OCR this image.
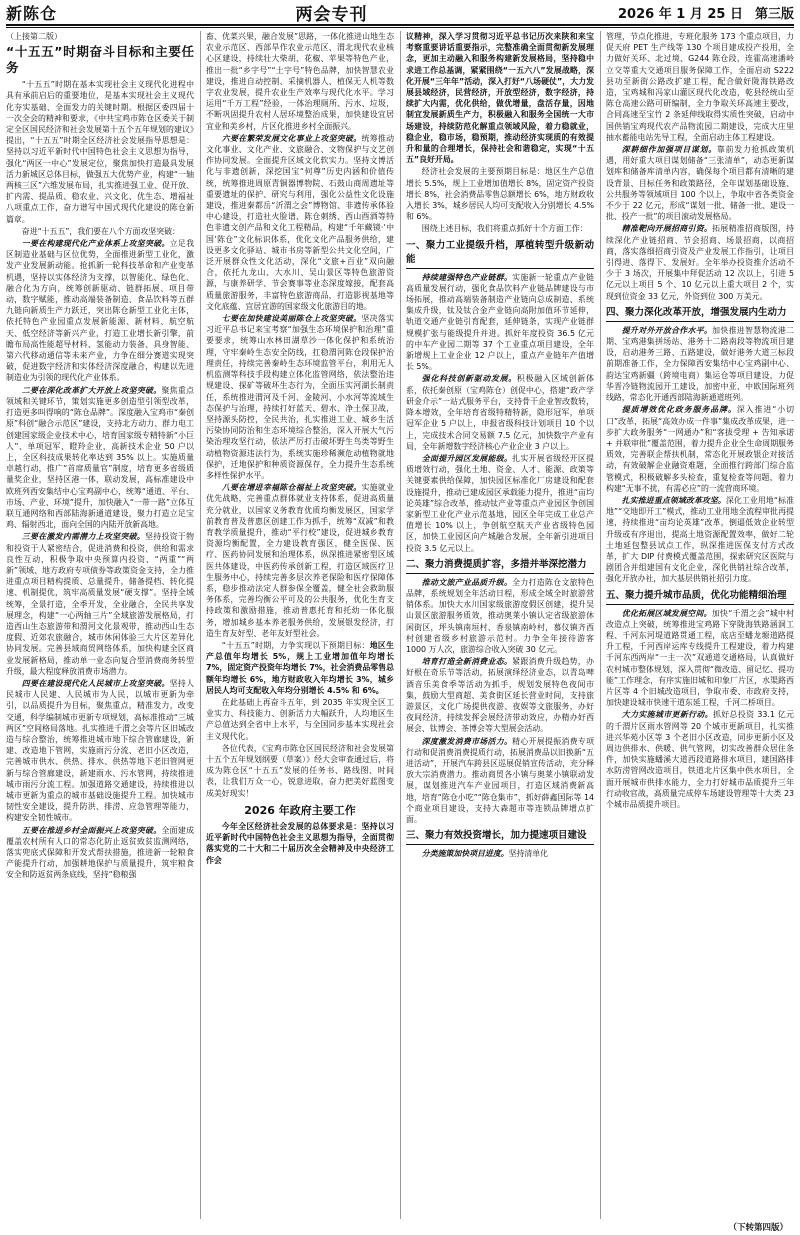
新陈仓	两会专刊	2026 年 1 月 25 日 第三版
（上接第二版）
“十五五”时期奋斗目标和主要任务

“十五五”时期在基本实现社会主义现代化进程中具有承前启后的重要地位，是基本实现社会主义现代化夯实基础、全面发力的关键时期。根据区委四届十一次全会的精神和要求，《中共宝鸡市陈仓区委关于制定全区国民经济和社会发展第十五个五年规划的建议》提出，“十五五”时期全区经济社会发展指导思想是：坚持以习近平新时代中国特色社会主义思想为指导，强化“两区一中心”发展定位，聚焦加快打造最具发展活力新城区总体目标，做强五大优势产业，构建“一轴两核三区”六维发展布局，扎实推进强工业、促开放、扩内需、提品质、稳农业、兴文化、优生态、增福祉八项重点工作，奋力谱写中国式现代化建设的陈仓新篇章。

奋进“十五五”，我们要在八个方面攻坚突破：

一要在构建现代化产业体系上攻坚突破。立足我区制造业基础与区位优势，全面推进新型工业化，激发产业发展新动能。抢抓新一轮科技革命和产业变革机遇，坚持以实体经济为支撑，以智能化、绿色化、融合化为方向，统筹创新驱动、链群拓展、项目带动，数字赋能，推动高端装备制造、食品饮料等五群九链向新质生产力跃迁，突出陈仓新型工业化主体，依托特色产业园重点发展新能源、新材料、航空航天、低空经济等新兴产业，打造工业增长新引擎，前瞻布局高性能超导材料、氢能动力装备、具身智能、第六代移动通信等未来产业，力争在细分赛道实现突破，促进数字经济和实体经济深度融合，构建以先进制造业为引领的现代化产业体系。

二要在深化改革扩大开放上攻坚突破。聚焦重点领域和关键环节，策划实施更多创造型引领型改革，打造更多叫得响的“陈仓品牌”。深度融入宝鸡市“秦创原”科创“融合示范区”建设，支持北方动力、群力电工创建国家级企业技术中心，培育国家级专精特新“小巨人”、单项冠军、瞪羚企业，高新技术企业 50 户以上，全区科技成果转化率达到 35% 以上。实施质量卓越行动，推广“首席质量官”制度，培育更多省级质量奖企业，坚持区港一体，联动发展，高标准建设中欧班列西安集结中心宝鸡副中心，统筹“通道、平台、市场、产业、环境”提升，加快融入“一带一路”立体互联互通网络和西部陆海新通道建设，聚力打造立足宝鸡、辐射西北，面向全国的内陆开放新高地。

三要在激发内需潜力上攻坚突破。坚持投资于物和投资于人紧密结合，促进消费和投资，供给和需求良性互动，积极争取中央预算内投资、“两重”“两新”领域、地方政府专项债券等政策资金支持，全力推进重点项目精构提质、总量提升，储备提档、转化提速、机制提优，筑牢高质量发展“硬支撑”。坚持全域统筹，全景打造，全季开发，全业融合，全民共享发展理念，构建“一心两轴三片”全域旅游发展格局，打造西山生态旅游带和渭河文化景观带，推动西山生态度假、近郊农旅融合，城市休闲体验三大片区差异化协同发展。完善县域商贸网络体系，加快构建全区商业发展新格局，推动单一业态向复合型消费商务转型升级，最大程度释放消费市场潜力。

四要在建设现代化人民城市上攻坚突破。坚持人民城市人民建、人民城市为人民，以城市更新为牵引，以品质提升为目标，聚焦重点，精准发力，改变交通，科学编制城市更新专项规划，高标准推动“三城两区”空间格局落地。扎实推进千渭之会等片区旧城改造与综合整治，统筹推进城市地下综合管廊建设，新建、改造地下管网，实施雨污分流、老旧小区改造，完善城市供水、供热、排水、供热等地下老旧管网更新与综合管廊建设，新建雨水、污水管网，持续推进城市雨污分流工程。加强道路交通建设，持续推进以城市更新为重点的城市基础设施提升工程。加快城市韧性安全建设，提升防洪、排涝、应急管理等能力，构建安全韧性城市。

五要在推进乡村全面振兴上攻坚突破。全面建成覆盖农村所有人口的常态化防止返贫致贫监测网络，落实兜底式保障和开发式帮扶措施，推进新一轮粮食产能提升行动，加强耕地保护与质量提升，筑牢粮食安全和防返贫两条底线，坚持“稳粮强

畜、优菜兴果，融合发展”思路，一体化推进山地生态农业示范区、西部旱作农业示范区、渭北现代农业核心区建设，持续壮大柴胡、花椒、苹果等特色产业，推出一批“乡字号”“土字号”特色品牌，加快智慧农业建设，推进自动控制、采摘机器人、植保无人机等数字农业发展，提升农业生产效率与现代化水平。学习运用“千万工程”经验，一体治理厕所、污水、垃圾，不断巩固提升农村人居环境整治成果，加快建设宜居宜业和美乡村，片区化推进乡村全面振兴。

六要在繁荣发展文化事业上攻坚突破。统筹推动文化事业、文化产业、文旅融合、文物保护与文艺创作协同发展。全面提升区域文化软实力。坚持文博活化与非遗创新，深挖国宝“何尊”历史内涵和价值传统，统筹推进周原青铜器博物院、石鼓山商周遗址等重要遗址的保护、研究与利用，强化公益性文化设施建设，推进秦都岳“沂渭之会”博物馆、非遗传承体验中心建设，打造社火脸谱、陈仓刺绣、西山酉酒等特色非遗文创产品和文化工程精品，构建“千年藏镜·‘中国’陈仓”文化标识体系，优化文化产品服务供给，建设更多文化驿站、城市书房等新型公共文化空间，广泛开展群众性文化活动，深化“文旅+百业”双向融合，依托九龙山、大水川、吴山景区等特色旅游资源，与康养研学、节会赛事等业态深度嫁接，配套高质量旅游服务，丰富特色旅游商品，打造影视基地等文化底蕴、宜居宜游的国家级文化旅游目的地。

七要在加快建设美丽陈仓上攻坚突破。坚决落实习近平总书记来宝考察“加强生态环境保护和治理”重要要求，统筹山水林田湖草沙一体化保护和系统治理，守牢秦岭生态安全防线，扛稳渭河陈仓段保护治理责任，持续完善秦岭生态环境监管平台，利用无人机监测等科技手段构建立体化监管网络，依法整治违规建设、探矿等破坏生态行为，全面压实河湖长制责任，系统推进渭河及千河、金陵河、小水河等流域生态保护与治理，持续打好蓝天、碧水、净土保卫战，坚持源头防控，全民共治，扎实推进工业、城乡生活污染协同防治和生态环境综合整治，深入开展大气污染治理攻坚行动，依法严厉打击破坏野生鸟类等野生动植物资源违法行为，系统实施珍稀濒危动植物就地保护，迁地保护和种质资源保存，全力提升生态系统多样性保护水平。

八要在增进幸福陈仓福祉上攻坚突破。实施就业优先战略，完善重点群体就业支持体系，促进高质量充分就业，以国家义务教育优质均衡发展区，国家学前教育普及普惠区创建工作为抓手，统筹“双减”和教育教学质量提升，推动“平行校”建设，促进城乡教育资源均衡配置，全力建设教育强区，健全医保、医疗、医药协同发展和治理体系，纵深推进紧密型区域医共体建设，中医药传承创新工程，打造区域医疗卫生服务中心，持续完善多层次养老保险和医疗保障体系，稳步推动法定人群参保全覆盖，健全社会救助服务体系，完善均衡公平可及的公共服务，优化生育支持政策和激励措施，推动普惠托育和托幼一体化服务，增加城乡基本养老服务供给，发展银发经济，打造生育友好型、老年友好型社会。

“十五五”时期，力争实现以下预期目标：地区生产总值年均增长 5%，规上工业增加值年均增长 7%，固定资产投资年均增长 7%，社会消费品零售总额年均增长 6%，地方财政收入年均增长 3%，城乡居民人均可支配收入年均分别增长 4.5% 和 6%。

在此基础上再奋斗五年，到 2035 年实现全区工业实力、科技能力、创新活力大幅跃升，人均地区生产总值达到全省中上水平，与全国同步基本实现社会主义现代化。

各位代表，《宝鸡市陈仓区国民经济和社会发展第十五个五年规划纲要（草案）》经大会审查通过后，将成为陈仓区“十五五”发展的任务书、路线图、时间表，让我们万众一心，锐意进取，奋力把美好蓝图变成美好现实！

2026 年政府主要工作

今年全区经济社会发展的总体要求是：坚持以习近平新时代中国特色社会主义思想为指导，全面贯彻落实党的二十大和二十届历次全会精神及中央经济工作会

议精神，深入学习贯彻习近平总书记历次来陕和来宝考察重要讲话重要指示，完整准确全面贯彻新发展理念，更加主动融入和服务构建新发展格局，坚持稳中求进工作总基调，紧紧围绕“一五六八”发展战略，深化开展“三年年”活动，深入打好“八场硬仗”，大力发展县域经济，民营经济，开放型经济，数字经济，持续扩大内需，优化供给，做优增量，盘活存量，因地制宜发展新质生产力，积极融入和服务全国统一大市场建设，持续防范化解重点领域风险，着力稳就业，稳企业，稳市场，稳预期，推动经济实现质的有效提升和量的合理增长，保持社会和谐稳定，实现“十五五”良好开局。

经济社会发展的主要预期目标是：地区生产总值增长 5.5%，规上工业增加值增长 8%，固定资产投资增长 8%，社会消费品零售总额增长 6%，地方财政收入增长 3%，城乡居民人均可支配收入分别增长 4.5% 和 6%。

围绕上述目标，我们将重点抓好十个方面工作：

一、聚力工业提级升档，厚植转型升级新动能

持续建强特色产业链群。实施新一轮重点产业链高质量发展行动，强化食品饮料产业链品牌建设与市场拓展，推动高端装备制造产业链向总成制造、系统集成升级，钛及钛合金产业链向高附加值环节延伸，轨道交通产业链引育配套，延伸链条，实现产业链群规模扩张与能级提升并进。抓好年度投资 36.5 亿元的中车产业园二期等 37 个工业重点项目建设，全年新增规上工业企业 12 户以上，重点产业链年产值增长 5%。

强化科技创新驱动发展。积极融入区域创新体系，依托秦创原（宝鸡陈仓）创促中心，搭建“政产学研金介示”一站式服务平台，支持骨干企业智改数转，降本增效，全年培育省级特精特新，隐形冠军，单项冠军企业 5 户以上，申报省级科技计划项目 10 个以上，完成技术合同交易额 7.5 亿元，加快数字产业有局，全年新增数字经济核心产业企业 3 户以上。

全面提升园区发展能级。扎实开展省级经开区提质增效行动，强化土地、资金、人才、能源、政策等关键要素供给保障，加快园区标准化厂房建设和配套设施提升，推动已建成园区承载能力提升，推进“亩均论英雄”综合改革，推动钛产业等重点产业园区争创国家新型工业化产业示范基地，园区全年完成工业总产值增长 10% 以上，争创航空航天产业省级特色园区，加快工业园区向产城融合发展，全年新引进项目投资 3.5 亿元以上。

二、聚力消费提质扩容，多措并举深挖潜力

推动文旅产业品质升级。全力打造陈仓文旅特色品牌，系统规划全年活动日程，形成全域全时旅游营销体系。加快大水川国家级旅游度假区创建，提升吴山景区旅游服务质效，推动奥莱小镇认定省级旅游休闲街区，坪头镇南垣村、香泉镇南岭村，慕仪镇齐西村创建省级乡村旅游示范村。力争全年接待游客 1000 万人次，旅游综合收入突破 30 亿元。

培育打造全新消费业态。紧跟消费升级趋势，办好根在奇乐节等活动，拓展演绎经济业态，以青岛啤酒音乐美食季等活动为抓手，规划发展特色夜间市集，鼓励大型商超、美食街区延长营业时间，支持旅游景区，文化广场提供夜游、夜娱等文旅服务，办好夜间经济，持续发挥会展经济带动效应，办精办好西展会、钛博会、茶博会等大型展会活动。

深度激发消费市场活力。精心开展提振消费专项行动和促消费消费提质行动，拓展消费品以旧换新“五进活动”，开展汽车跨县区巡展促销宣传活动，充分释放大宗消费潜力。推动商贸各小镇与奥莱小镇联动发展，谋划推进汽车产业园项目，打造区域消费新高地，培育“陈仓小吃”“陈仓集市”，抓好薛鑫国际等 14 个商业项目建设，支持大森超市等连锁品牌增点扩面。

三、聚力有效投资增长，加力提速项目建设

分类施策加快项目进度。坚持清单化

管理，节点化推进，专班化服务 173 个重点项目，力促天府 PET 生产线等 130 个项目建成投产投用，全力做好关环、北过境、G244 陈仓段，连霍高速潘岭立交等重大交通项目服务保障工作，全面启动 S222 县功至新街公路改扩建工程，配合做好陇海铁路改造，宝鸡城和冯家山灌区现代化改造，乾县经统山至陈仓高速公路可研编制，全力争取关环高速主要改，合同高速至宝竹 2 条延伸线取得实质性突破，启动中国供销宝鸡现代农产品物流园二期建设，完成大庄里抽水蓄能电站先导工程，全面启动主体工程建设。

深耕细作加强项目谋划。靠前发力抢抓政策机遇，用好重大项目谋划储备“三张清单”，动态更新谋划库和储备库清单内容，确保每个项目都有清晰的建设背景、目标任务和政策路径，全年谋划基础设施、公共服务等领域项目 100 个以上，争取中省各类资金不少于 22 亿元，形成“谋划一批、储备一批、建设一批、投产一批”的项目滚动发展格局。

精准靶向开展招商引资。拓展精准招商版图，持续深化产业链招商、节会招商、场景招商，以商招商，落实落细招商引资及产业发展工作指引，让项目引得进、落得下、发展好。全年举办投资推介活动不少于 3 场次，开展集中拜促活动 12 次以上，引进 5 亿元以上项目 5 个、10 亿元以上重大项目 2 个，实现到位资金 33 亿元，外资到位 300 万美元。

四、聚力深化改革开放，增强发展内生动力

提升对外开放合作水平。加快推进智慧物流港二期、宝鸡港集拼场站、港务十二路南段等物流项目建设，启动港务三路、五路建设，做好港务大道三标段前期准备工作，全力保障西安集结中心宝鸡副中心、韵达宝鸡新疆（跨境电商）集运仓等项目建设，力促华晋冷链物流园开工建设，加密中亚、中欧国际班列线路，常态化开通西部陆海新通道班列。

提质增效优化政务服务品牌。深入推进“小切口”改革，拓展“高效办成一件事”集成改革成果，进一步扩大政务服务“一网通办”和“客拔受理 + 告知承诺 + 并联审批”覆盖范围，着力提升企业全生命周期服务质效，完善联企帮扶机制，常态化开展政银企对接活动，有效破解企业融资难题，全面推行跨部门综合监管模式，积极破解多头检查，重复检查等问题，着力构建“无事不扰，有需必应”的一流营商环境。

扎实推进重点领域改革攻坚。深化工业用地“标准地”“交地即开工”模式，推动工业用地全流程审批再提速，持续推进“亩均论英雄”改革，倒逼低效企业转型升级或有序退出，提高土地资源配置效率，做好二轮土地延包整县试点工作，纵深推进医保支付方式改革，扩大 DIP 付费模式覆盖范围，探索研究区医院与剧团合并组建国有文化企业，深化供销社综合改革，强化开放办社，加大基层供销社招引力度。

五、聚力提升城市品质，优化功能精细治理

优化拓展区域发展空间。加快“千渭之会”城中村改造点上突破，统筹推进宝鸡路下穿陇海铁路涵洞工程、千河东河堤道路贯通工程，底店至蟠龙塬道路提升工程，千河西岸运库专线提升工程建设，着力构建千河东西两岸“一主一次”双通道交通格局，认真做好农村城市整体规划，深入贯彻“微改造、留记忆、提功能”工作理念，有序实施旧城和印象厂片区，水渠路西片区等 4 个旧城改造项目，争取市委、市政府支持，加快建设城市快速干道东延工程，千河二桥项目。

大力实施城市更新行动。抓好总投资 33.1 亿元的千渭片区雨水管网等 20 个城市更新项目，扎实推进兴华苑小区等 3 个老旧小区改造，同步更新小区及周边供排水、供暖、供气管网，切实改善群众居住条件，加快实施蟠溪大道西段道路排水项目，建国路排水防涝管网改造项目，铁道北片区集中供水项目，全面开展城市供排水能力，全力打好城市品质提升三年行动收官战，高质量完成停车场建设管理等十大类 23 个城市品质提升项目。

（下转第四版）
